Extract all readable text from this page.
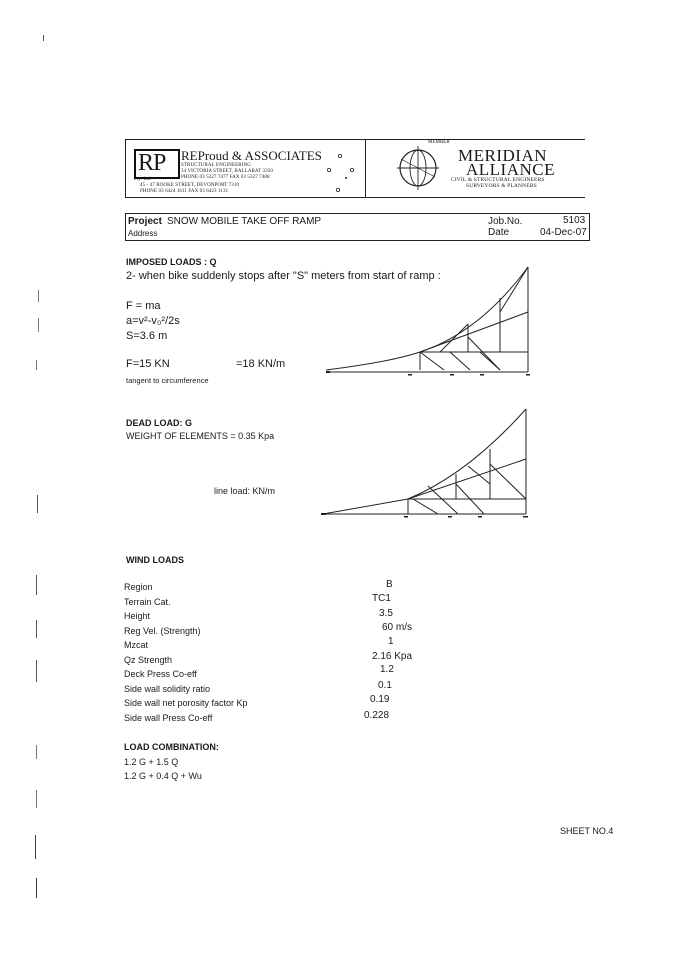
RP
Pty. Ltd
REProud & ASSOCIATES
STRUCTURAL ENGINEERING
34 VICTORIA STREET, BALLARAT 3350
PHONE 03 5327 7477 FAX 03 5327 7488
45 - 47 ROOKE STREET, DEVONPORT 7310
PHONE 03 6424 1611 FAX 03 6423 1131
MEMBER
MERIDIAN
ALLIANCE
CIVIL & STRUCTURAL ENGINEERS
SURVEYORS & PLANNERS
Project SNOW MOBILE TAKE OFF RAMP
Address
Job.No.	5103
Date	04-Dec-07
IMPOSED LOADS : Q
2- when bike suddenly stops after "S" meters from start of ramp :
F = ma
a=v²-v₀²/2s
S=3.6 m
F=15 KN	=18 KN/m
tangent to circumference
DEAD LOAD: G
WEIGHT OF ELEMENTS = 0.35 Kpa
line load: KN/m
WIND LOADS
Region	B
Terrain Cat.	TC1
Height	3.5
Reg Vel. (Strength)	60 m/s
Mzcat	1
Qz Strength	2.16 Kpa
Deck Press Co-eff	1.2
Side wall solidity ratio	0.1
Side wall net porosity factor Kp	0.19
Side wall Press Co-eff	0.228
LOAD COMBINATION:
1.2 G + 1.5 Q
1.2 G + 0.4 Q + Wu
SHEET NO.4
